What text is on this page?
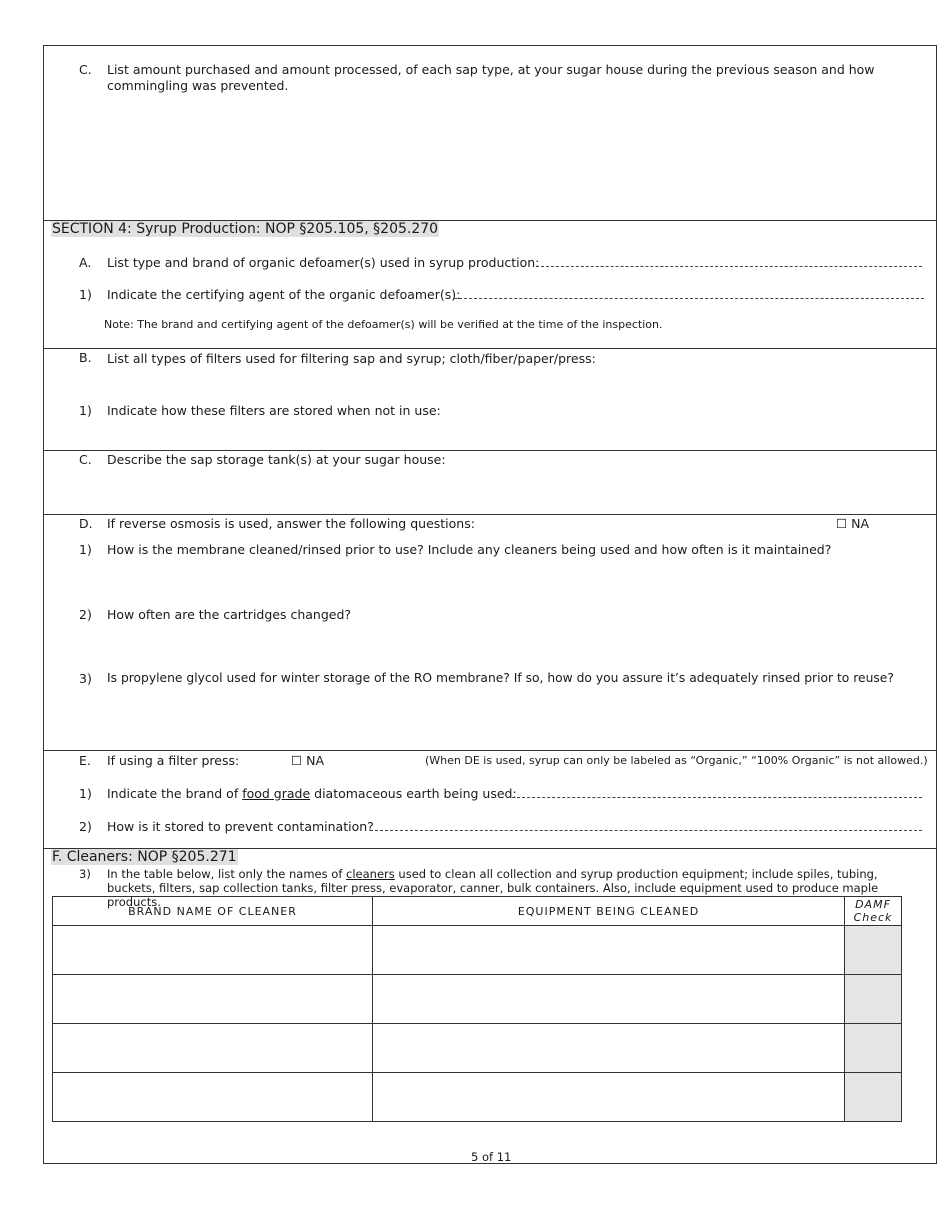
C.	List amount purchased and amount processed, of each sap type, at your sugar house during the previous season and how
commingling was prevented.
SECTION 4: Syrup Production: NOP §205.105, §205.270
A.	List type and brand of organic defoamer(s) used in syrup production:
1)	Indicate the certifying agent of the organic defoamer(s):
Note: The brand and certifying agent of the defoamer(s) will be verified at the time of the inspection.
B.	List all types of filters used for filtering sap and syrup; cloth/fiber/paper/press:
1)	Indicate how these filters are stored when not in use:
C.	Describe the sap storage tank(s) at your sugar house:
D.	If reverse osmosis is used, answer the following questions:	☐ NA
1)	How is the membrane cleaned/rinsed prior to use? Include any cleaners being used and how often is it maintained?
2)	How often are the cartridges changed?
3)	Is propylene glycol used for winter storage of the RO membrane? If so, how do you assure it’s adequately rinsed prior to reuse?
E.	If using a filter press:	☐ NA	(When DE is used, syrup can only be labeled as “Organic,” “100% Organic” is not allowed.)
1)	Indicate the brand of food grade diatomaceous earth being used:
2)	How is it stored to prevent contamination?
F. Cleaners: NOP §205.271
3)	In the table below, list only the names of cleaners used to clean all collection and syrup production equipment; include spiles, tubing, buckets, filters, sap collection tanks, filter press, evaporator, canner, bulk containers. Also, include equipment used to produce maple products.
BRAND NAME OF CLEANER	EQUIPMENT BEING CLEANED	DAMF
Check

5 of 11
